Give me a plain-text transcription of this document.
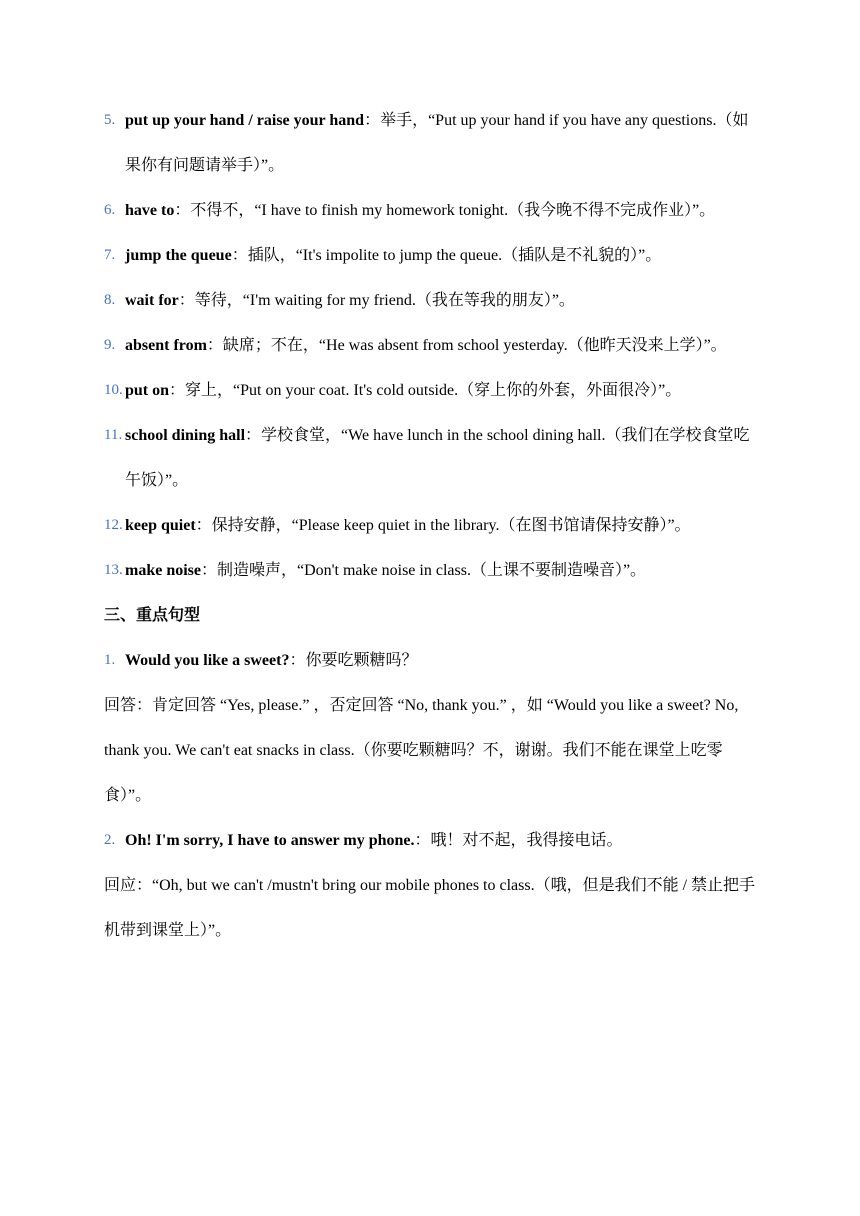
5. put up your hand / raise your hand：举手，“Put up your hand if you have any questions.（如果你有问题请举手）”。
6. have to：不得不，“I have to finish my homework tonight.（我今晚不得不完成作业）”。
7. jump the queue：插队，“It's impolite to jump the queue.（插队是不礼貌的）”。
8. wait for：等待，“I'm waiting for my friend.（我在等我的朋友）”。
9. absent from：缺席；不在，“He was absent from school yesterday.（他昨天没来上学）”。
10. put on：穿上，“Put on your coat. It's cold outside.（穿上你的外套，外面很冷）”。
11. school dining hall：学校食堂，“We have lunch in the school dining hall.（我们在学校食堂吃午饭）”。
12. keep quiet：保持安静，“Please keep quiet in the library.（在图书馆请保持安静）”。
13. make noise：制造噪声，“Don't make noise in class.（上课不要制造噪音）”。
三、重点句型
1. Would you like a sweet?：你要吃颗糖吗？
回答：肯定回答 “Yes, please.” ，否定回答 “No, thank you.” ，如 “Would you like a sweet? No, thank you. We can't eat snacks in class.（你要吃颗糖吗？不，谢谢。我们不能在课堂上吃零食）”。
2. Oh! I'm sorry, I have to answer my phone.：哦！对不起，我得接电话。
回应：“Oh, but we can't /mustn't bring our mobile phones to class.（哦，但是我们不能 / 禁止把手机带到课堂上）”。
